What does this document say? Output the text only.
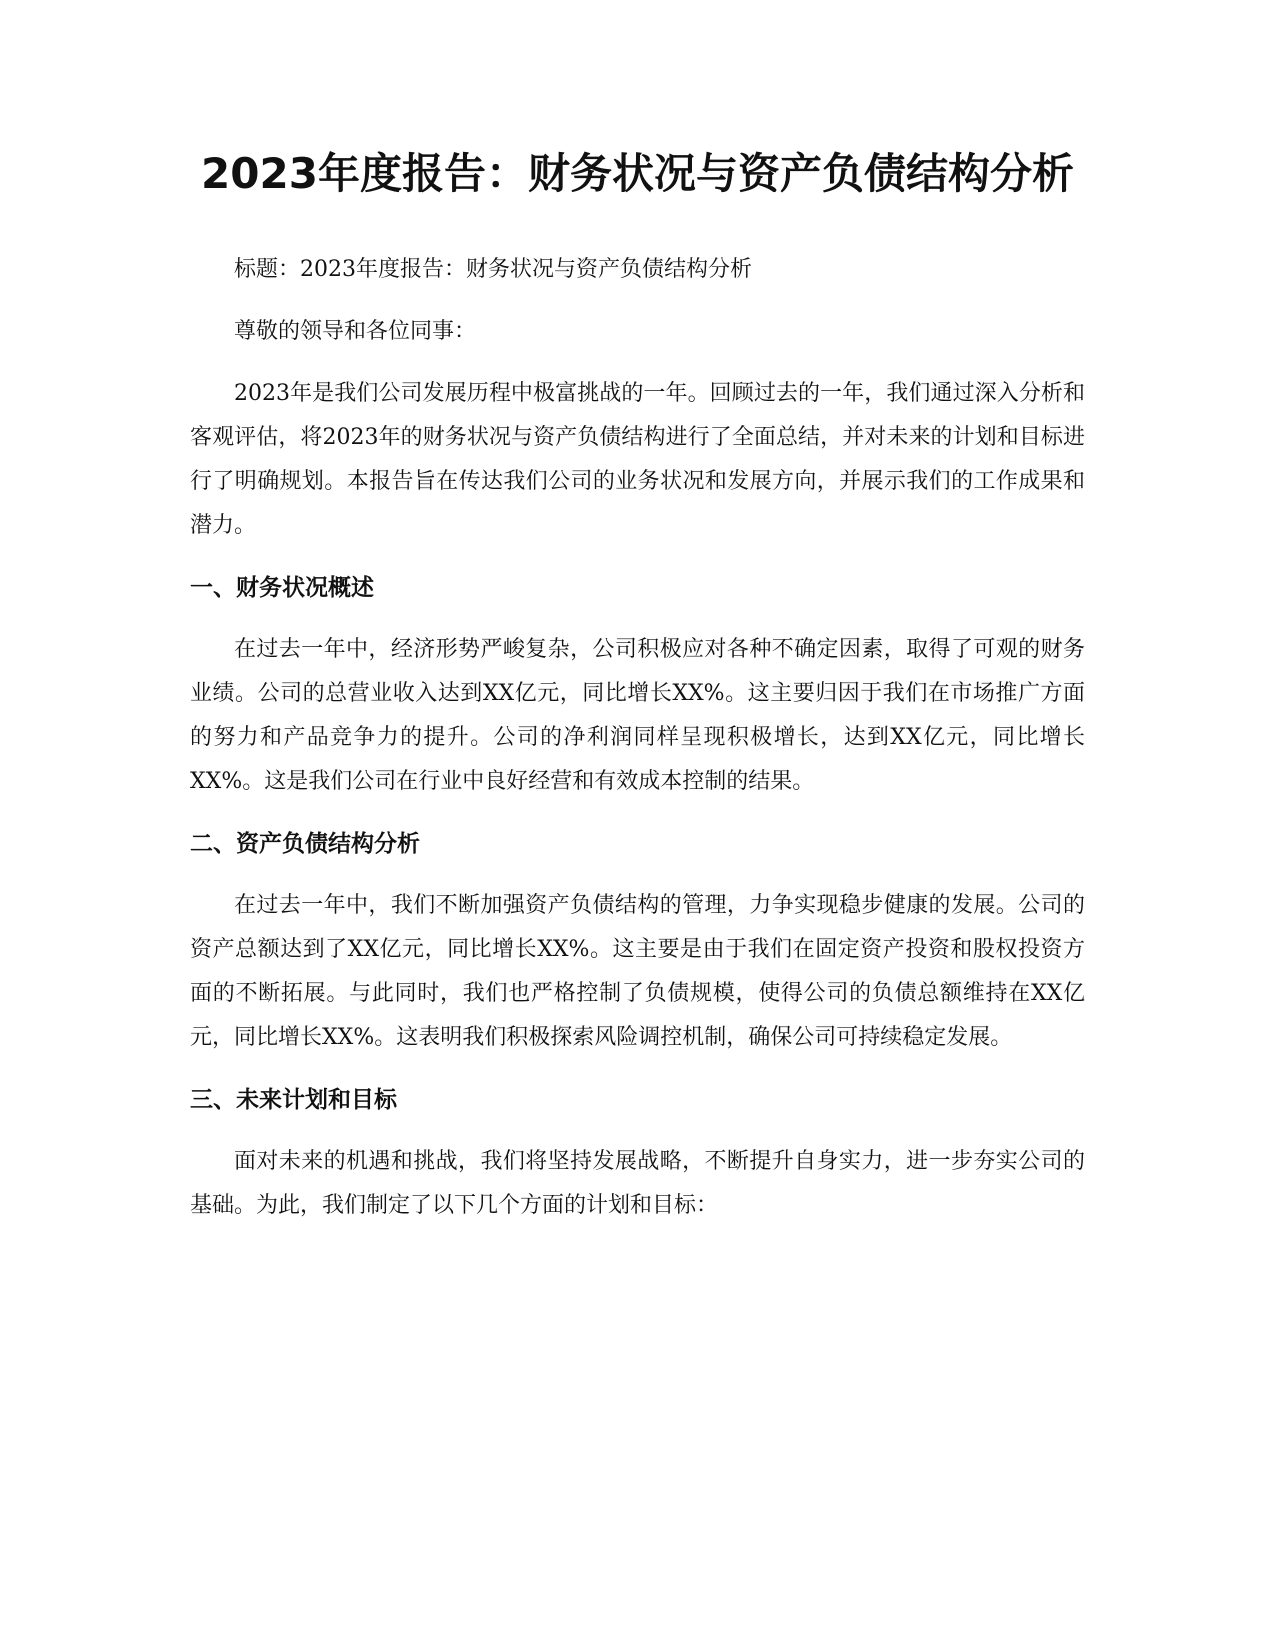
2023年度报告：财务状况与资产负债结构分析

标题：2023年度报告：财务状况与资产负债结构分析

尊敬的领导和各位同事：

2023年是我们公司发展历程中极富挑战的一年。回顾过去的一年，我们通过深入分析和客观评估，将2023年的财务状况与资产负债结构进行了全面总结，并对未来的计划和目标进行了明确规划。本报告旨在传达我们公司的业务状况和发展方向，并展示我们的工作成果和潜力。

一、财务状况概述

在过去一年中，经济形势严峻复杂，公司积极应对各种不确定因素，取得了可观的财务业绩。公司的总营业收入达到XX亿元，同比增长XX%。这主要归因于我们在市场推广方面的努力和产品竞争力的提升。公司的净利润同样呈现积极增长，达到XX亿元，同比增长XX%。这是我们公司在行业中良好经营和有效成本控制的结果。

二、资产负债结构分析

在过去一年中，我们不断加强资产负债结构的管理，力争实现稳步健康的发展。公司的资产总额达到了XX亿元，同比增长XX%。这主要是由于我们在固定资产投资和股权投资方面的不断拓展。与此同时，我们也严格控制了负债规模，使得公司的负债总额维持在XX亿元，同比增长XX%。这表明我们积极探索风险调控机制，确保公司可持续稳定发展。

三、未来计划和目标

面对未来的机遇和挑战，我们将坚持发展战略，不断提升自身实力，进一步夯实公司的基础。为此，我们制定了以下几个方面的计划和目标：
